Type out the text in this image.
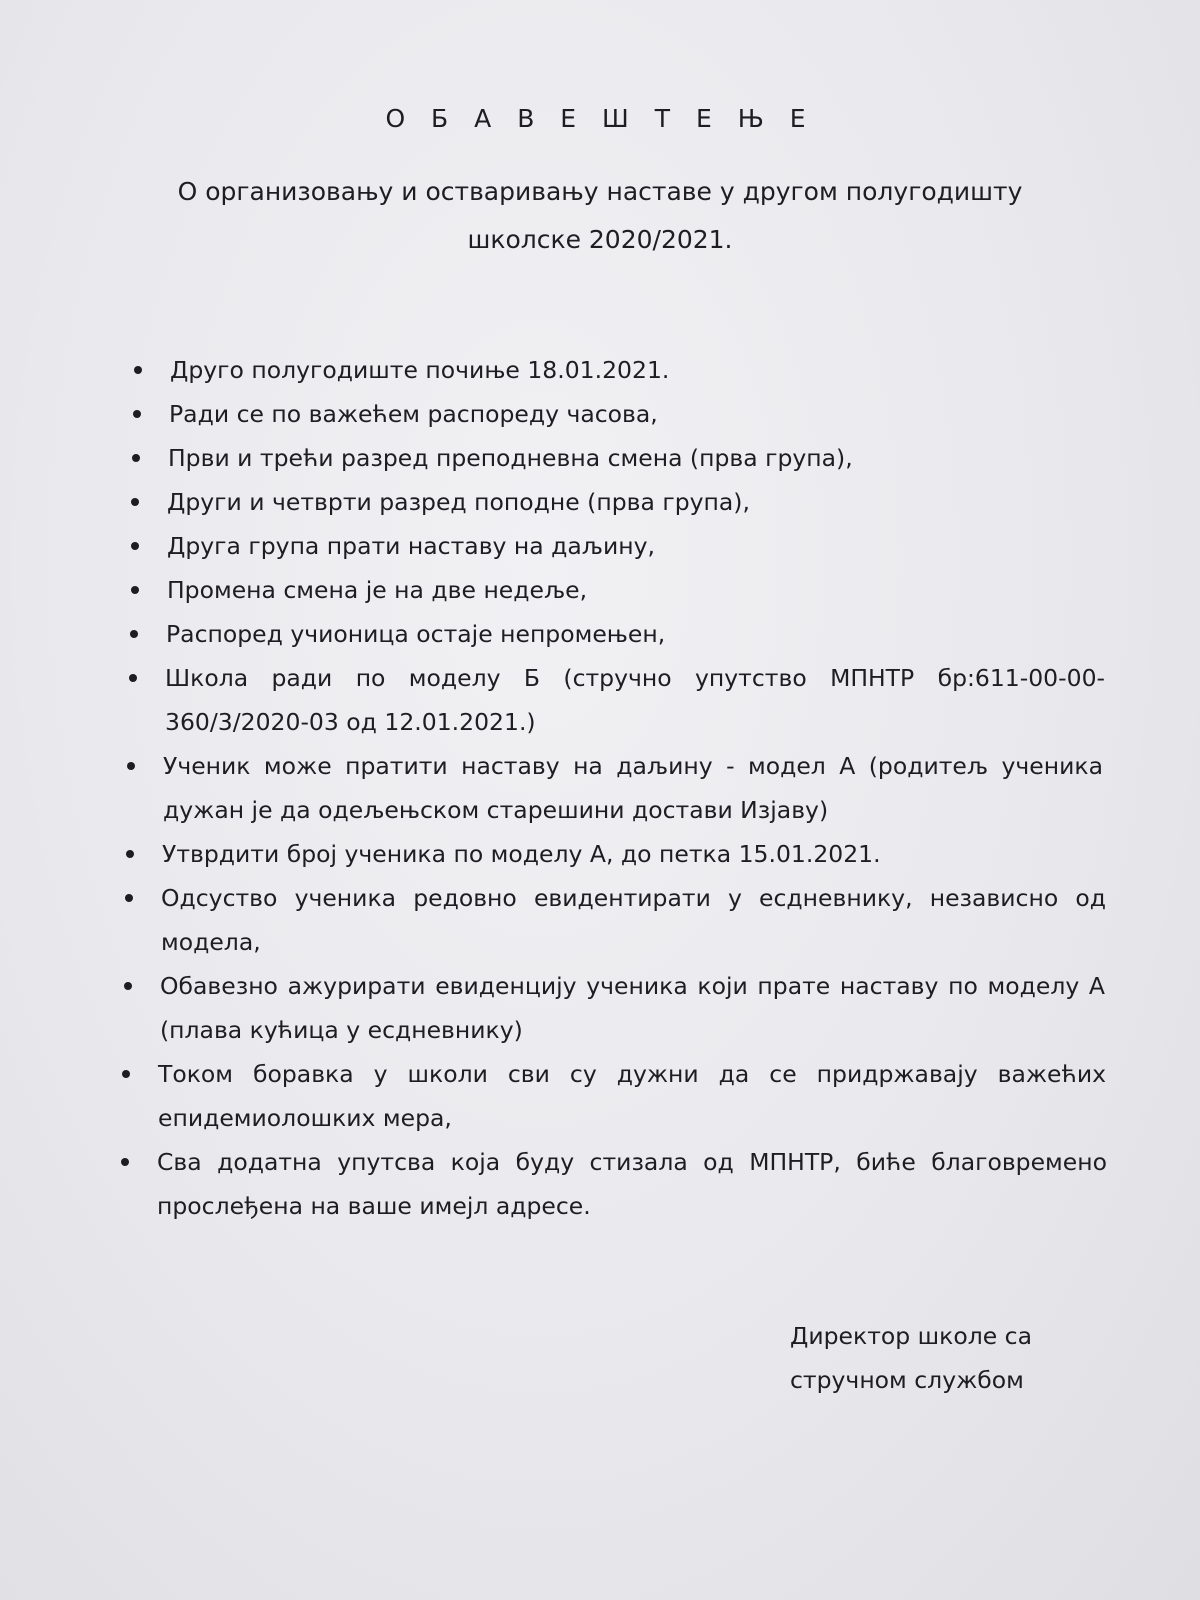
О Б А В Е Ш Т Е Њ Е
О организовању и остваривању наставе у другом полугодишту
школске 2020/2021.
Друго полугодиште почиње 18.01.2021.
Ради се по важећем распореду часова,
Први и трећи разред преподневна смена (прва група),
Други и четврти разред поподне (прва група),
Друга група прати наставу на даљину,
Промена смена је на две недеље,
Распоред учионица остаје непромењен,
Школа ради по моделу Б (стручно упутство МПНТР бр:611-00-00-360/3/2020-03 од 12.01.2021.)
Ученик може пратити наставу на даљину - модел А (родитељ ученика дужан је да одељењском старешини достави Изјаву)
Утврдити број ученика по моделу А, до петка 15.01.2021.
Одсуство ученика редовно евидентирати у есдневнику, независно од модела,
Обавезно ажурирати евиденцију ученика који прате наставу по моделу А (плава кућица у есдневнику)
Током боравка у школи сви су дужни да се придржавају важећих епидемиолошких мера,
Сва додатна упутсва која буду стизала од МПНТР, биће благовремено прослеђена на ваше имејл адресе.
Директор школе са
стручном службом
